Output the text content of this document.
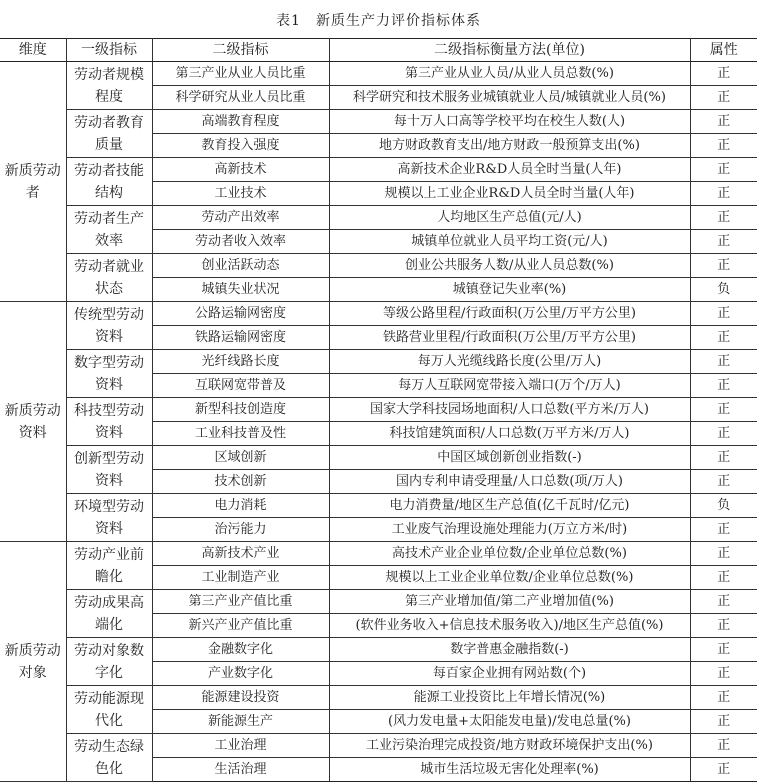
表1　新质生产力评价指标体系
维度	一级指标	二级指标	二级指标衡量方法(单位)	属性
新质劳动者	劳动者规模程度	第三产业从业人员比重	第三产业从业人员/从业人员总数(%)	正
		科学研究从业人员比重	科学研究和技术服务业城镇就业人员/城镇就业人员(%)	正
	劳动者教育质量	高端教育程度	每十万人口高等学校平均在校生人数(人)	正
		教育投入强度	地方财政教育支出/地方财政一般预算支出(%)	正
	劳动者技能结构	高新技术	高新技术企业R&D人员全时当量(人年)	正
		工业技术	规模以上工业企业R&D人员全时当量(人年)	正
	劳动者生产效率	劳动产出效率	人均地区生产总值(元/人)	正
		劳动者收入效率	城镇单位就业人员平均工资(元/人)	正
	劳动者就业状态	创业活跃动态	创业公共服务人数/从业人员总数(%)	正
		城镇失业状况	城镇登记失业率(%)	负
新质劳动资料	传统型劳动资料	公路运输网密度	等级公路里程/行政面积(万公里/万平方公里)	正
		铁路运输网密度	铁路营业里程/行政面积(万公里/万平方公里)	正
	数字型劳动资料	光纤线路长度	每万人光缆线路长度(公里/万人)	正
		互联网宽带普及	每万人互联网宽带接入端口(万个/万人)	正
	科技型劳动资料	新型科技创造度	国家大学科技园场地面积/人口总数(平方米/万人)	正
		工业科技普及性	科技馆建筑面积/人口总数(万平方米/万人)	正
	创新型劳动资料	区域创新	中国区域创新创业指数(-)	正
		技术创新	国内专利申请受理量/人口总数(项/万人)	正
	环境型劳动资料	电力消耗	电力消费量/地区生产总值(亿千瓦时/亿元)	负
		治污能力	工业废气治理设施处理能力(万立方米/时)	正
新质劳动对象	劳动产业前瞻化	高新技术产业	高技术产业企业单位数/企业单位总数(%)	正
		工业制造产业	规模以上工业企业单位数/企业单位总数(%)	正
	劳动成果高端化	第三产业产值比重	第三产业增加值/第二产业增加值(%)	正
		新兴产业产值比重	(软件业务收入+信息技术服务收入)/地区生产总值(%)	正
	劳动对象数字化	金融数字化	数字普惠金融指数(-)	正
		产业数字化	每百家企业拥有网站数(个)	正
	劳动能源现代化	能源建设投资	能源工业投资比上年增长情况(%)	正
		新能源生产	(风力发电量+太阳能发电量)/发电总量(%)	正
	劳动生态绿色化	工业治理	工业污染治理完成投资/地方财政环境保护支出(%)	正
		生活治理	城市生活垃圾无害化处理率(%)	正
